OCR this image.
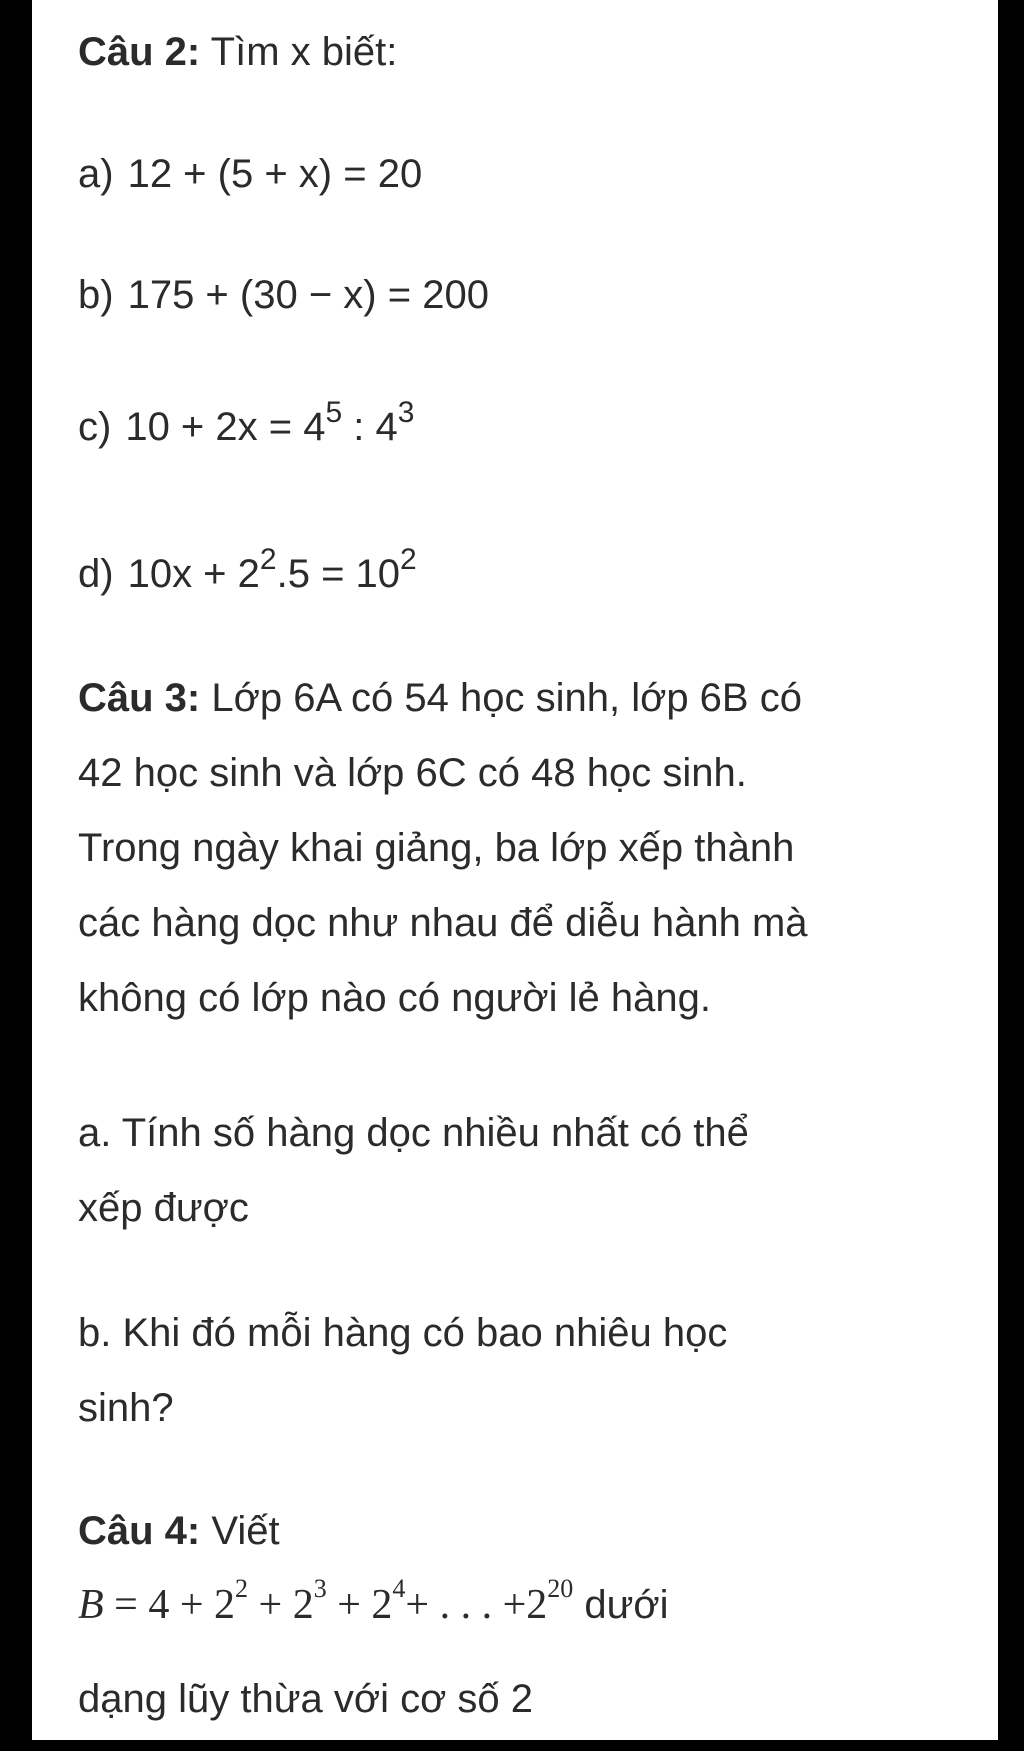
Câu 2: Tìm x biết:
a) 12 + (5 + x) = 20
b) 175 + (30 − x) = 200
c) $10 + 2x = 4^5$ : $4^3$
d) $10x + 2^2.5 = 10^2$
Câu 3: Lớp 6A có 54 học sinh, lớp 6B có
42 học sinh và lớp 6C có 48 học sinh.
Trong ngày khai giảng, ba lớp xếp thành
các hàng dọc như nhau để diễu hành mà
không có lớp nào có người lẻ hàng.
a. Tính số hàng dọc nhiều nhất có thể
xếp được
b. Khi đó mỗi hàng có bao nhiêu học
sinh?
Câu 4: Viết
$B = 4 + 2^2 + 2^3 + 2^4+$ . . . $+2^{20}$ dưới
dạng lũy thừa với cơ số 2
